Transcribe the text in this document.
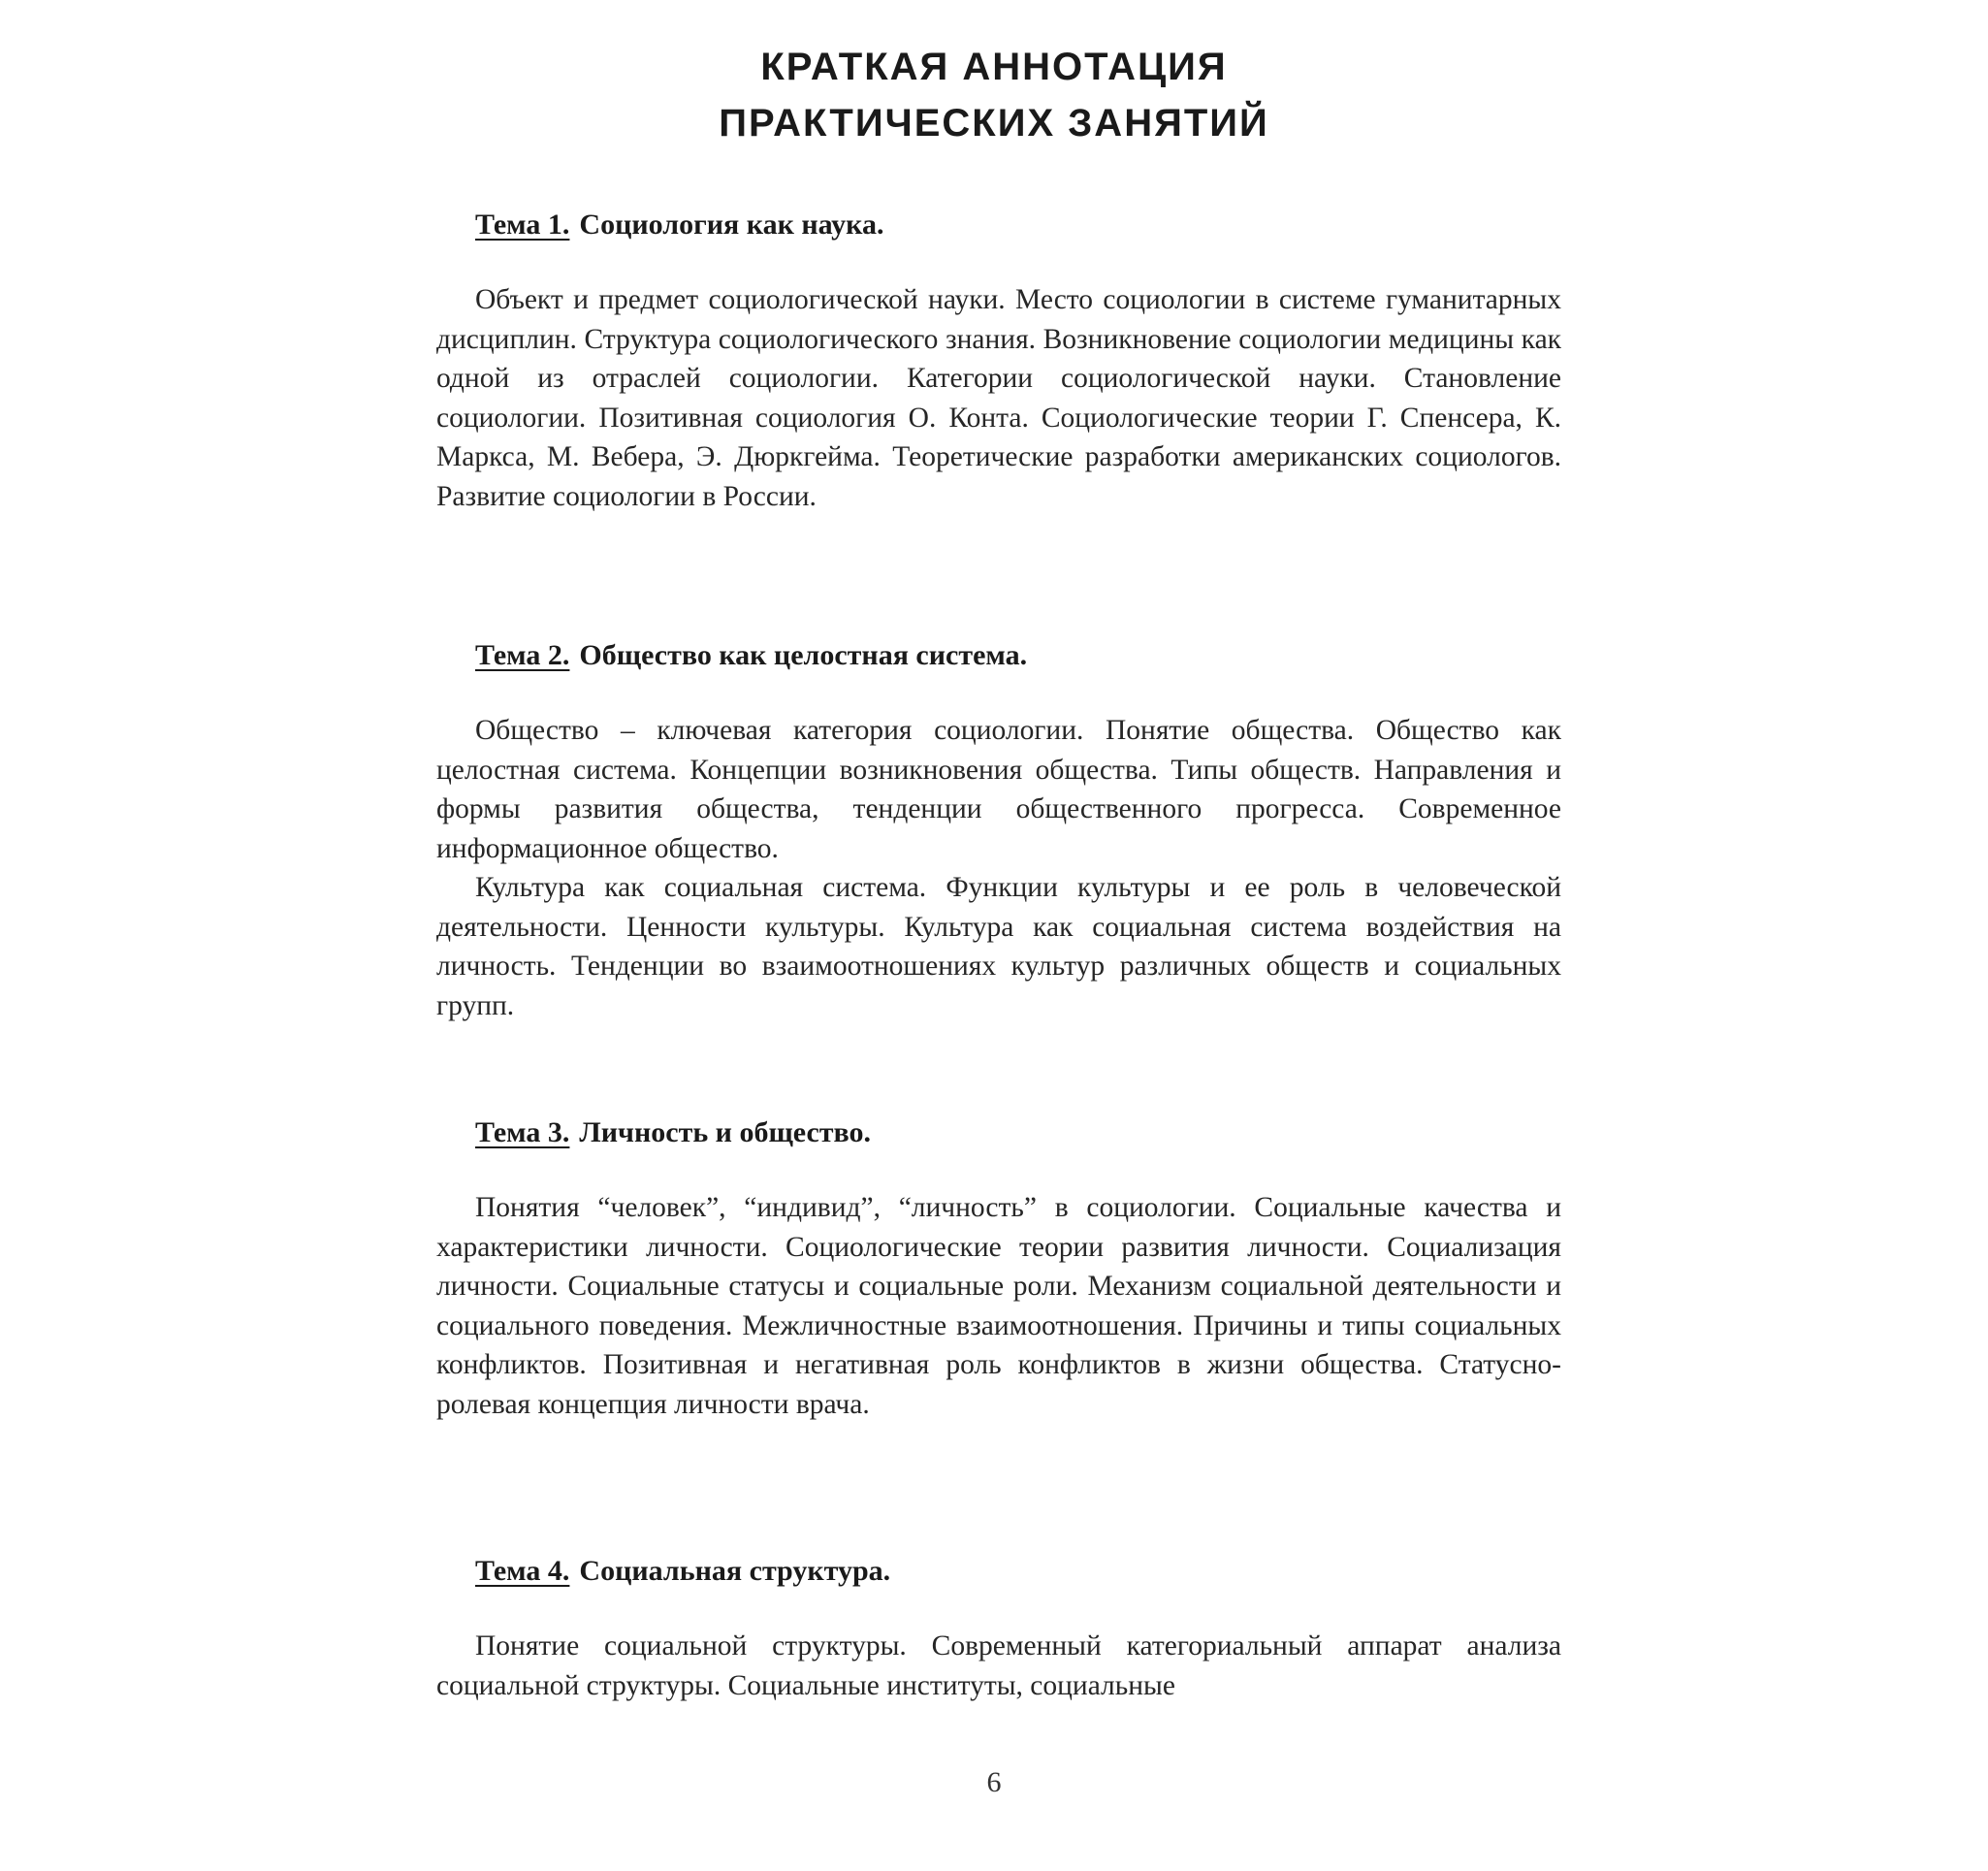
КРАТКАЯ АННОТАЦИЯ
ПРАКТИЧЕСКИХ ЗАНЯТИЙ
Тема 1. Социология как наука.

Объект и предмет социологической науки. Место социологии в системе гуманитарных дисциплин. Структура социологического знания. Возникновение социологии медицины как одной из отраслей социологии. Категории социологической науки. Становление социологии. Позитивная социология О. Конта. Социологические теории Г. Спенсера, К. Маркса, М. Вебера, Э. Дюркгейма. Теоретические разработки американских социологов. Развитие социологии в России.

Тема 2. Общество как целостная система.

Общество – ключевая категория социологии. Понятие общества. Общество как целостная система. Концепции возникновения общества. Типы обществ. Направления и формы развития общества, тенденции общественного прогресса. Современное информационное общество.

Культура как социальная система. Функции культуры и ее роль в человеческой деятельности. Ценности культуры. Культура как социальная система воздействия на личность. Тенденции во взаимоотношениях культур различных обществ и социальных групп.

Тема 3. Личность и общество.

Понятия “человек”, “индивид”, “личность” в социологии. Социальные качества и характеристики личности. Социологические теории развития личности. Социализация личности. Социальные статусы и социальные роли. Механизм социальной деятельности и социального поведения. Межличностные взаимоотношения. Причины и типы социальных конфликтов. Позитивная и негативная роль конфликтов в жизни общества. Статусно-ролевая концепция личности врача.

Тема 4. Социальная структура.

Понятие социальной структуры. Современный категориальный аппарат анализа социальной структуры. Социальные институты, социальные

6
